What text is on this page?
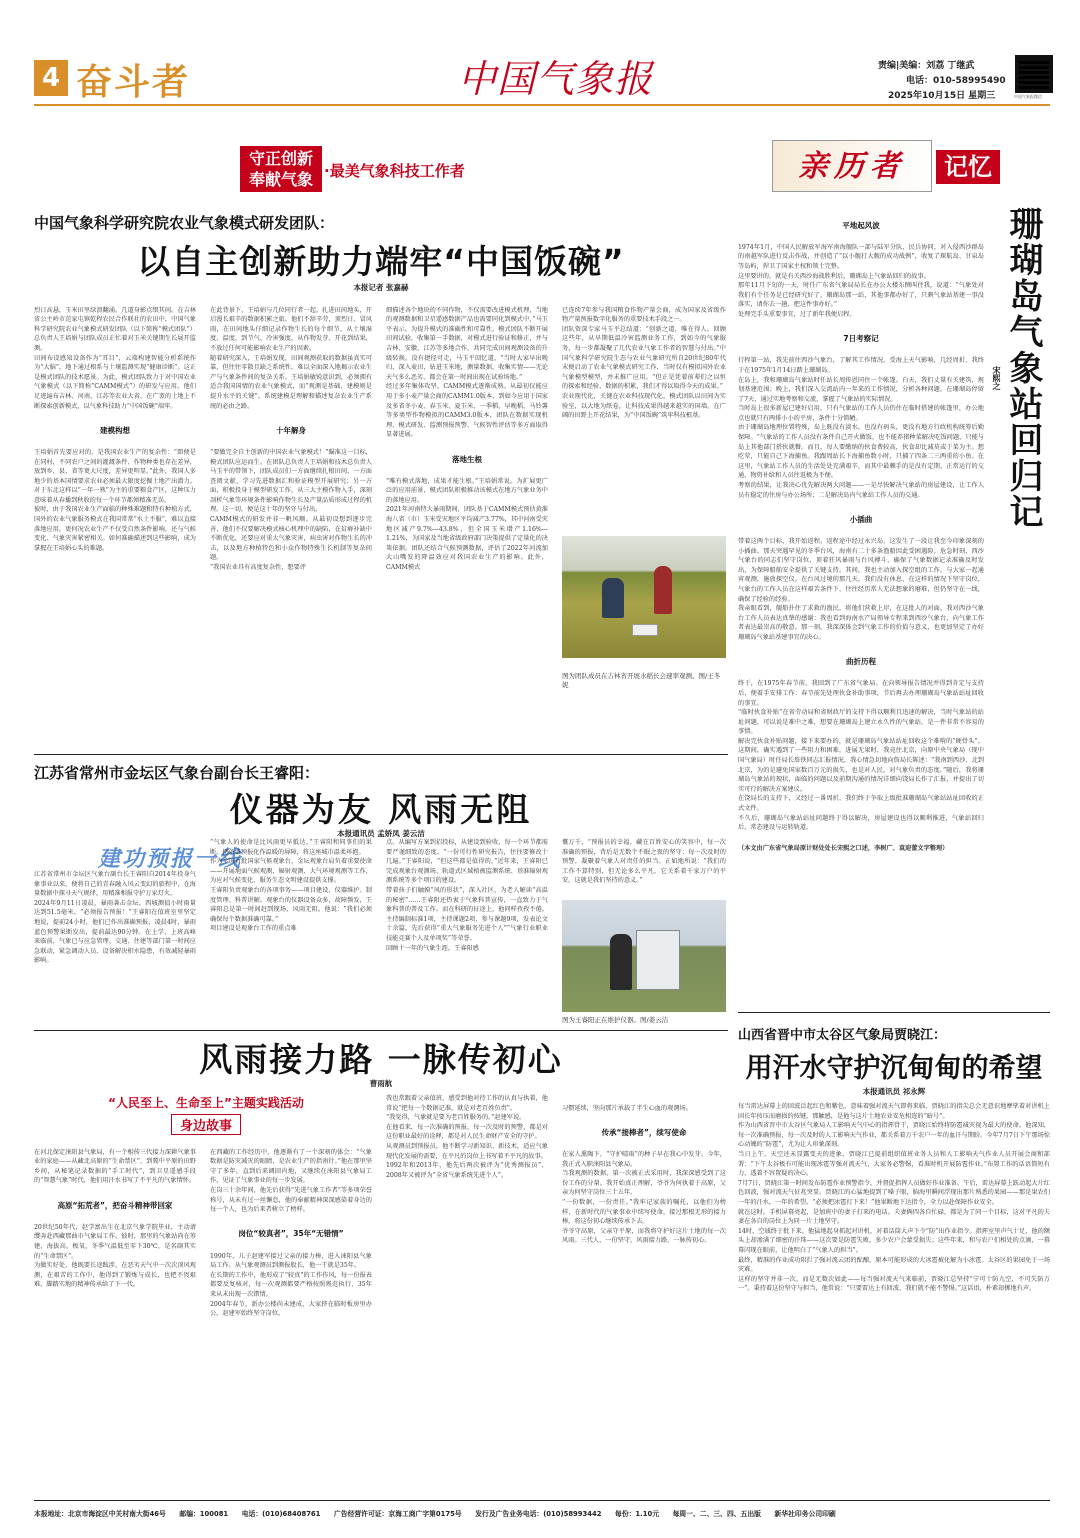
4 奋斗者	中国气象报	责编|美编：刘荔 丁继武
电话：010-58995490
2025年10月15日 星期三	中国气象报微信
守正创新
奉献气象 ·最美气象科技工作者
中国气象科学研究院农业气象模式研发团队：
以自主创新助力端牢“中国饭碗”
本报记者 张嘉赫

烈日高悬，玉米田里绿浪翻涌。几道身影点缀其间。在吉林省公主岭市范家屯镇乾程农民合作联社的农田中，中国气象科学研究院农业气象模式研发团队（以下简称“模式团队”）总负责人王培娟与团队成员正忙着对玉米关键期生长展开监测。
田间布设感知设备作为“耳目”，云端构建智能分析系统作为“大脑”，地下通过根系与土壤监测实现“健康诊断”。这正是模式团队的技术愿景。为此，模式团队致力于对中国农业气象模式（以下简称“CAMM模式”）的研发与应用。他们足迹遍布吉林、河南、江苏等农业大省，在广袤的土地上不断探索创新模式，以气象科技助力“中国饭碗”端牢。

建模构想

王培娟首先要应对的，是我国农业生产的复杂性：“即便是在同村，不同农户之间的灌溉条件、作物种类也存在差异，放到乡、县，省等更大尺度，差异更明显。”此外，我国人多地少的基本国情要求农业必须最大限度挖掘土地产出潜力。对于东北这样以“一年一熟”为主的重要粮食产区，这种压力意味着从春播到秋收的每一个环节都须精准无误。
彼时，由于我国农业生产面临的种殊难题和特有种植方式，国外的农业气象服务模式在我国常常“水土不服”，难以直接落地应用。更何况农业生产不仅受自然条件影响，还与气候变化、气象灾害紧密相关。如何准确描述到这些影响，成为掌握在王培娟心头的难题。

在此背景下，王培娟与几位同行者一起，扎进田间地头，开启漫长艰辛的数据积累之旅。他们不辞辛劳，顶烈日、冒风雨，在田间地头仔细记录作物生长的每个细节，从土壤湿度、温度，到节气、冷害强度，从作物发芽、开花到结果，不放过任何可能影响农业生产的因素。
随着研究深入，王培娟发现，田间观测获取的数据虽真实可靠，但往往零散且缺乏系统性，难以全面深入地揭示农业生产与气象条件间的复杂关系。王培娟敏锐意识到，必须拥有适合我国国情的农业气象模式，而“观测是基础、建模则是提升水平的关键”。系统建模是理解和描述复杂农业生产系统的必由之路。

十年解身

“要做完全自主创新的中国农业气象模式！”瞄准这一目标，模式团队应运而生。在团队总负责人王培娟和技术总负责人马玉平的带领下，团队成员们一方面继续扎根田间，一方面查阅文献、学习先进数据汇和验证模型开展研究；另一方面，积极投身于模型研发工作，从三大主模作物入手，深刻剖析气象等环境条件影响作物生长及产量品质形成过程的机理。这一切，便是这十年的坚守与付出。
CAMM模式的研发并非一帆风顺。从最初设想到逐步完善，他们不仅要解决模式核心机理中的缺陷，在贫瘠补缺中不断优化，还要应对重大气象灾害，病虫害对作物生长的冲击，以及地方种植特色和小众作物特殊生长机制等复杂问题。
“我国农业具有高度复杂性，想要评

细描述各个地块的不同作物，不仅需要改进模式机理，当地的观测数据和卫星遥感数据产品也需要同化到模式中，”马玉平表示。为提升模式的准确性和可靠性，模式团队不断开展田间试验，收集第一手数据，对模式进行验证和修正，并与吉林、安徽、江苏等多地合作，共同完成田间观测设备的升级转换。没有捷径可走，马玉平回忆道，“当时大家早出晚归，深入麦田，钻进玉米地，测量数据，收集实情——无论天气多么恶劣，都会在第一时间出现在试验场地。”
经过多年集体攻坚，CAMM模式逐渐成熟。从最初仅能应用于多小麦产量会商的CAMM1.0版本，到如今应用于国家及多省冬小麦、春玉米、夏玉米、一季稻、早晚稻、马铃薯等多类型作物模拟的CAMM3.0版本，团队在数据实现机理、模式研发、监测预报预警、气候智性评估等多方面取得显著进展。

落地生根

“唯有模式落地，成果才能生根。”王培娟常说。为扩展更广泛的应用前景，模式团队积极推动该模式在地方气象业务中的落地应用。
2021年河南特大暴雨期间，团队基于CAMM模式预估黄淮海八省（市）玉米受灾地区平均减产3.77%，其中河南受灾地区减产9.7%—43.8%，但全国玉米增产1.16%—1.21%，为国家及当地省级政府部门决策提供了定量化的决策依据。团队还结合气候预测数据，评估了2022年河流加大山嘴发的降温效应对我国农业生产的影响。此外，CAMM模式

已连续7年参与我国粮食作物产量会商，成为国家及省级作物产量预报数字化服务的重要技术手段之一。
团队资深专家马玉平总结道：“创新之道，唯在得人。回顾这些年，从早期低温冷害监测业务工作，到如今的气象服务，每一步都凝聚了几代农业气象工作者的智慧与付出。”中国气象科学研究院生态与农业气象研究所自20世纪80年代末便启动了农业气象模式研究工作，当时仅有模拟国外农业气象模型模型，并未推广应用。“但正是凭着前辈们之以恒的探索和经验、数据的积累，我们才得以取得今天的成果。”
农业现代化，关键在农业科技现代化。模式团队以田间为实验室，以大地为纸卷，让科技成果得越来越实的国墙。在广阔的田野上开花结果，为“中国饭碗”筑牢科技根基。

图为团队成员在吉林省开展水稻长会速率观测。图/王冬妮
亲历者	记忆

平地起风波

1974年1月，中国人民解放军海军南海舰队一部与陆军分队、民兵协同，对入侵西沙群岛的南越军队进行反击作战，并创造了“以小舰打大舰的成功战例”，收复了琛航岛、甘泉岛等岛屿，捍卫了国家主权和领土完整。
这里要讲的，就是有关西沙海战胜利后，珊瑚岛上气象站回归的故事。
那年11月下旬的一天，时任广东省气象局局长在办公大楼东侧叫住我，说道：“气象处对我们有个任务是已经研究好了，珊瑚岛那一站，其他事都办好了，只剩气象站基建一事没落实，请你去一趟，把这件事办好。”
处理完手头重要事宜，过了新年我便启程。

7日考察记

行程第一站，我先前往西沙气象台，了解其工作情况。受海上天气影响，几经周折，我终于在1975年1月14日踏上珊瑚岛。
在岛上，我和珊瑚岛气象站时任站长周传恩同住一个帐篷。白天，我们丈量有关建筑，规划基建范围；晚上，我们深入交流站内一年来的工作情况，分析各种问题。在珊瑚岛停留了7天，通过实地考察和交流，掌握了气象站的实际情况。
当时岛上很多新屋已建好启用，只有气象站的工作人员仍住在临时搭建的帐篷里，办公地点也就只有两排小小的平房，条件十分简陋。
由于珊瑚岛地理位置特殊，岛上既没有淡水，也没有码头，更没有地方行政机构统筹后勤保障。“气象站的工作人员没有条件自己开火做饭，也不能养猪种菜解决吃饭问题，只能与岛上其他部门搭伙就餐。而且，每人要缴纳的伙食费较高，伙食却比减莫或于菜为主。想吃荤，只能自己下海捕鱼。我跟周站长下海捕鱼数小时，只捕了四条二三两重的小鱼。在这里，气象站工作人员的生活处处充满艰辛，而其中最棘手的是没有定期、正常运行的交通，物资补给和人员往返极为不便。
考察的结果，让我决心优先解决两大问题——一是尽快解决气象站的房屋建设，让工作人员有稳定的住房与办公场所；二是解决岛内气象站工作人员的交通。

小插曲

带着这两个目标，我开始返程。返程途中经过永兴岛，这发生了一段让我至今印象深刻的小插曲。那天突遇罕见的冬季台风，海南有二十多条渔船因此受困遇险。危急时刻，西沙气象台的同志们坚守岗位，顶着狂风暴雨与台风搏斗，确保了气象数据记录准确及时发出，为保障船舶安全提供了关键支持。其间，我也主动加入探空组的工作，与大家一起通宵观测，施放探空仪。在台风过境的那几天，我们没有休息，在这样的情况下坚守岗位，气象台的工作人员在这样艰苦条件下，往往经历常人无法想象的磨难，但仍坚守在一线，确保了经验的经验。
我亲眼看到，舰船扑住了求救的渔民，将他们营救上岸，在这批人的对面，我对西沙气象台工作人员表达真挚的感谢：我也看到海南水产局领导专程来到西沙气象台，向气象工作者表达最崇高的敬意。那一刻，我深深体会到气象工作的价值与意义，也更加坚定了办好珊瑚岛气象站基建事宜的决心。

曲折历程

终于，在1975年春节前，我回到了广东省气象局。在向领导报告情况并得到肯定与支持后，便着手安排工作：春节前先处理伙食补助事项，节后再去办理珊瑚岛气象站站址回收的事宜。
“临时伙食补贴”在省劳动局和省财政厅的支持下得以顺利且迅速的解决，当时气象站的站址问题，可以说是难中之难，想要在珊瑚岛上建立永久性的气象站，是一件非常不容易的事情。
解决完伙食补贴问题，接下来要办的，就是珊瑚岛气象站站址回收这个难啃的“硬骨头”。这期间，确实遇到了一些阻力和困难，进展无果时，我竟住北京，向原中央气象局（现中国气象局）时任局长詹铁同志汇报情况，我心情急切地向詹局长陈述：“我南到西沙，北到北京，为的是避免国家数百万元的损失，也是对人民，对气象负责的态度。”随后，我将珊瑚岛气象站的现状，面临的问题以及前期沟通的情况详细向饶局长作了汇报，并提出了切实可行的解决方案建议。
在饶局长的支持下，又经过一番周折，我们终于争取上级批准珊瑚岛气象站站址回收的正式文件。
不久后，珊瑚岛气象站站址问题终于得以解决，房屋建设也得以顺利推进，气象站回归后，常态建设与运转轨道。

（本文由广东省气象局原计财处处长宋熙之口述，李树广、袁迎蕾文字整理）

珊瑚岛气象站回归记
宋熙之
江苏省常州市金坛区气象台副台长王睿阳：
仪器为友 风雨无阻
本报通讯员 孟娇凤 姜云洁
建功预报一线
江苏省常州市金坛区气象台副台长王睿阳自2014年投身气象事业以来，便将自己的青春融入风云变幻的旅程中，在海量数据中探寻天气规律，用精准相报守护万家灯火。
2024年9月11日凌晨，暴雨袭击金坛。西城测值小时雨量达到51.5毫米。“必须报告预报！”王睿阳在值班室里坚定地说，提前24小时，他们已作出准确预报，凌晨4时，暴雨蓝色预警果断发出，提前最达90分钟。在上学、上班高峰来临前，气象已与应急管理、交通、住建等部门第一时间应急联动，紧急调动人员、设备解决积水隐患，有效减轻暴雨影响。
“气象人的使命是比风雨更早抵达。”王睿阳和同事们的果断，把条条预报化作温暖的屏障，将这座城市温柔环抱。
作为全国首批国家气候观象台，金坛观象台肩负着重要使命——开展地面气候观测、辐射观测、大气环境观测等工作，为应对气候变化、服务生态文明建设提供支撑。
王睿阳负责观象台的各项事务——项目建设、仪器维护、制度管理、科普讲解。观象台的仪器设备众多，故障频发，王睿阳总是第一时间赶到现场，风雨无阻。他说：“我们必须确保每个数据准确可靠。”
项目建设是观象台工作的重点难
点。从编写方案到招投标，从建设到验收，每一个环节都需要严谨细致的态度。“一份可行性研究报告，往往要修改十几遍。”王睿阳说，“但这些都是值得的。”近年来，王睿阳已完成观象台观测场、轨道式区域植被监测系统、基准辐射观测系统等多个项目的建设。
带着孩子们触摸“风的形状”，深入社区，为老人解读“高温的秘密”……王睿阳还热衷于气象科普宣传，一直致力于气象科普的普及工作。而在科研的征途上，他同样孜孜不倦。主持编制标准1项，主持课题2项，参与课题9项，发表论文十余篇，先后获得“重大气象服务先进个人”“气象行业职业技能竞赛个人及单项奖”等荣誉。
回顾十一年的气象生涯，王睿阳感
慨万千，“预报员的幸福，藏在百姓安心的笑容中，每一次准确的预报，背后是无数个不眠之夜的坚守；每一次及时的预警，凝聚着气象人对责任的担当。正如地所说：“我们的工作不算特别，但无论多么平凡，它关系着千家万户的平安。这就是我们坚持的意义。”
图为王睿阳正在维护仪器。图/姜云洁
山西省晋中市太谷区气象局贾晓江：
用汗水守护沉甸甸的希望
本报通讯员 祁永辉
每当雷达屏幕上的回波泛起红色和紫色，意味着强对流天气即将来临，贾晓江的指尖总会无意识地摩挲着对讲机上固长年按压而磨损的按键，那触感，是他与这片土地农业安危相连的“暗号”。
作为山西省晋中市太谷区气象局人工影响天气中心的指挥骨干，贾晓江始终将防雹减灾视为最大的使命。他深知，每一次准确预报，每一次及时的人工影响天气作业，都关系着万千农户一年的血汗与期盼。今年7月7日下午那场惊心动魄的“防雹”，尤为让人印象深刻。
当日上午，天空还未显露变天的迹象，贾晓江已提前组织值班业务人员和人工影响天气作业人员开展会商和部署：“下午太谷极有可能出现冰雹等强对流天气，大家务必警惕，看准时机开展防雹作业。”布置工作的话语简短有力，透着不容置疑的决心。
7月7日，贾晓江第一时间发布防雹作业预警指令，并督促指挥人员做好作业准备。午后，雷达屏幕上跃动起大片红色回波，强对流天气征兆突显。贾晓江的心猛地提到了嗓子眼，脑海里瞬间浮现出那片熟悉的果园——那是果农们一年的汗水，一年的希望。“必须把冰雹打下来！”他果断地下达指令，全力以赴保障作业安全。
就在这时，手机屏幕亮起，是加班中的妻子打来的电话。夫妻俩四各自忙碌，都是为了同一个目标，这对平凡的夫妻在各自的岗位上为同一片土地坚守。
14时，空域终于批下来。他猛地起身抓起对讲机，对着话筒大声下令“防”出作业指令。指挥室里声气十足，他的额头上却渗满了细密的汗珠——这次要是防雹失败，多少农户会蒙受损失；这些年来，和与农户们相处的点滴，一幕幕闪现在眼前，让他明白了“气象人的担当”。
最终，精准的作业成功阻拦了强对流云团的酝酿，原本可能形成的大冰雹被化解为小冰雹。太谷区的果园免于一场灾难。
这样的坚守并非一次，而是无数次如此——每当强对流天气来临前，贾晓江总坚持“宁可十防九空，不可失防万一”。秉持着这份坚守与担当，他常说：“只要雷达上有回波，我们就不能不警惕。”这话语，朴素却掷地有声。
风雨接力路 一脉传初心
曹雨航
“人民至上、生命至上”主题实践活动
身边故事

在河北保定涞阳县气象局，有一个相传三代接力深耕气象事业的家庭——从藏北高原的“生命禁区”，到冀中平原的田野乡间，从秘笔记录数据的“手工时代”，到卫星遥感手段的“智慧气象”时代，他们用汗水书写了不平凡的气象情怀。

高原“拓荒者”，把奋斗精神带回家

20世纪50年代，赵学富出生在北京气象学院毕业，主动请缨奔赴西藏那曲市气象局工作。彼时，那里的气象站尚在筹建，海拔高，极氧，冬季气温低至零下30℃，是名副其实的“生命禁区”。
为做实好处，他既要长途跋涉，在恶劣天气中一次次顶风观测，在艰苦的工作中，他得到了锻炼与成长，也把不畏艰难、脚踏实地的精神传承给了下一代。

在西藏的工作经历中，他逐渐有了一个深刻的体会：“气象数据是防灾减灾的眼睛，是农业生产的指南针。”他在那里坚守了多年，直到后来调回内地，又继续在涞阳县气象局工作，见证了气象事业的每一步发展。
在岗三十余年间，他先后获得“先进气象工作者”等多项荣誉称号，从未有过一丝懈怠，他的奉献精神深深感染着身边的每一个人，也为后来者树立了榜样。

岗位“较真者”，35年“无错情”

1990年，儿子赵建军接过父亲的接力棒，进入涞阳县气象局工作。从气象观测员到测报股长，他一干就是35年。
在长期的工作中，他形成了“较真”的工作作风，每一份报表都要反复核对，每一次观测都要严格按照规范执行，35年来从未出现一次错情。
2004年春节，新办公楼尚未建成，大家挤在临时板房里办公，赵建军始终坚守岗位。

我也常跟着父亲值班，感受到他对待工作的认真与执着，他常说“把每一个数据记准，就是对老百姓负责”。
“我觉得，气象就是要为老百姓服务的。”赵建军说。
在他看来，每一次准确的预报，每一次及时的预警，都是对这份职业最好的诠释，都是对人民生命财产安全的守护。
从观测员到预报员，他不断学习新知识、新技术，适应气象现代化发展的需要，在平凡的岗位上书写着不平凡的故事。
1992年和2013年，他先后两次被评为“优秀测报员”，2008年又被评为“全省气象系统先进个人”。

习惯延续，坚向那片承载了半生心血的观测场。

传承“接棒者”，续写使命

在家人熏陶下，“守护晴雨”的种子早在我心中发芽。今年，我正式入职涞阳县气象局。
当我观测的数据，第一次被正式采用时，我深深感受到了这份工作的分量。我开始真正理解，爷爷为何执着于高原，父亲为何坚守岗位三十五年。
“一份数据，一份责任。”我牢记家族的嘱托，以他们为榜样，在新时代的气象事业中续写使命，接过那根无形的接力棒，将这份初心继续传承下去。
爷爷守高原，父亲守平原，而我将守护好这片土地的每一次风雨。三代人，一份坚守，风雨接力路，一脉传初心。

本报地址：北京市海淀区中关村南大街46号　　邮编：100081　　电话：(010)68408761　　广告经营许可证：京海工商广字第0175号　　发行及广告业务电话：(010)58993442　　每份：1.10元　　每周一、二、三、四、五出版　　新华社印务公司印刷
